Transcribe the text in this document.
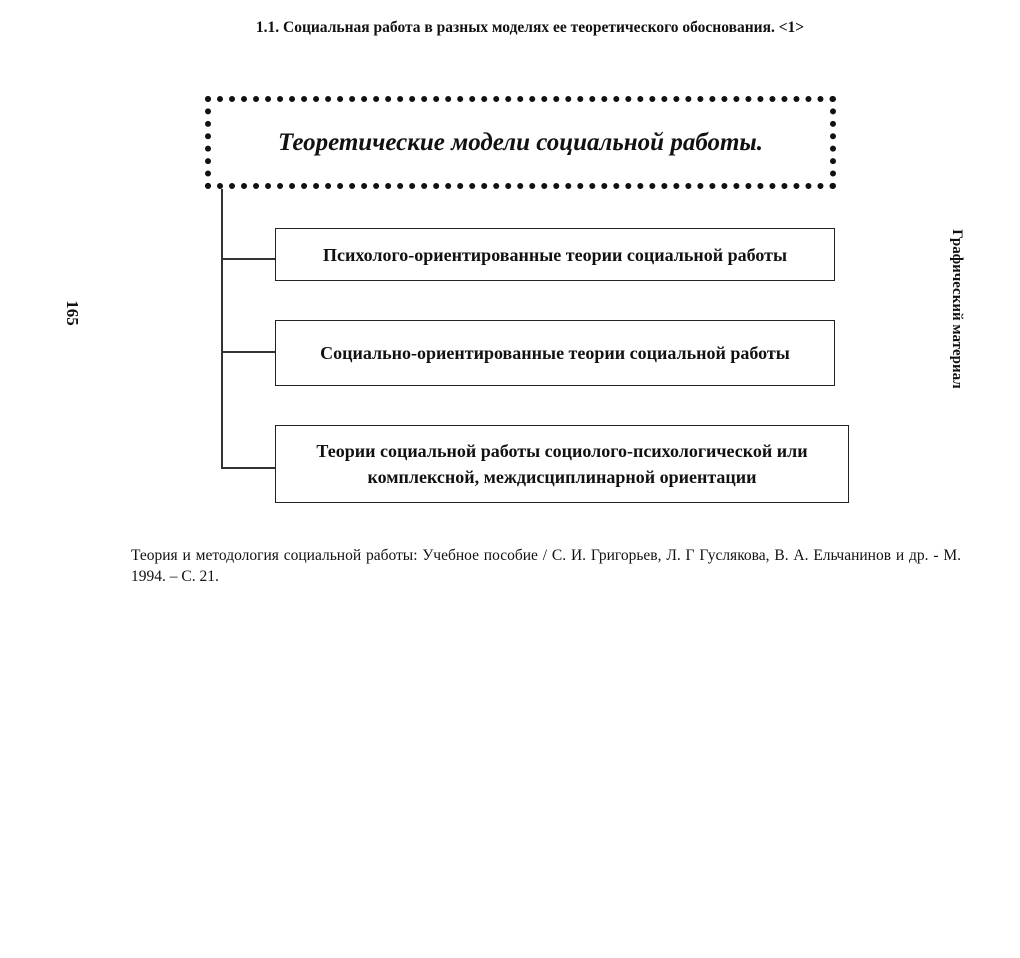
1.1. Социальная работа в разных моделях ее теоретического обоснования. <1>
165	Графический материал
Теоретические модели социальной работы.
Психолого-ориентированные теории социальной работы
Социально-ориентированные теории социальной работы
Теории социальной работы социолого-психологической или комплексной, междисциплинарной ориентации
Теория и методология социальной работы: Учебное пособие / С. И. Григорьев, Л. Г Гуслякова, В. А. Ельчанинов и др. - М. 1994. – С. 21.
